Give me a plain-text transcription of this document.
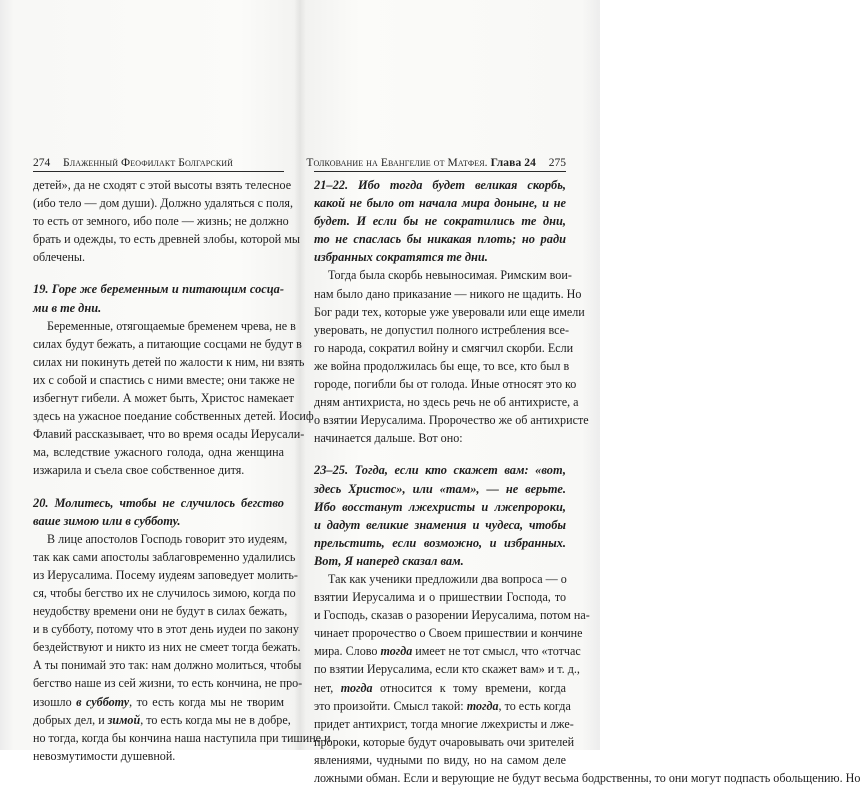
274 Блаженный Феофилакт Болгарский
детей», да не сходят с этой высоты взять телесное
(ибо тело — дом души). Должно удаляться с поля,
то есть от земного, ибо поле — жизнь; не должно
брать и одежды, то есть древней злобы, которой мы
облечены.
19. Горе же беременным и питающим сосца-
ми в те дни.
Беременные, отягощаемые бременем чрева, не в
силах будут бежать, а питающие сосцами не будут в
силах ни покинуть детей по жалости к ним, ни взять
их с собой и спастись с ними вместе; они также не
избегнут гибели. А может быть, Христос намекает
здесь на ужасное поедание собственных детей. Иосиф
Флавий рассказывает, что во время осады Иерусали-
ма, вследствие ужасного голода, одна женщина
изжарила и съела свое собственное дитя.
20. Молитесь, чтобы не случилось бегство
ваше зимою или в субботу.
В лице апостолов Господь говорит это иудеям,
так как сами апостолы заблаговременно удалились
из Иерусалима. Посему иудеям заповедует молить-
ся, чтобы бегство их не случилось зимою, когда по
неудобству времени они не будут в силах бежать,
и в субботу, потому что в этот день иудеи по закону
бездействуют и никто из них не смеет тогда бежать.
А ты понимай это так: нам должно молиться, чтобы
бегство наше из сей жизни, то есть кончина, не про-
изошло в субботу, то есть когда мы не творим
добрых дел, и зимой, то есть когда мы не в добре,
но тогда, когда бы кончина наша наступила при тишине и
невозмутимости душевной.
Толкование на Евангелие от Матфея. Глава 24 275
21–22. Ибо тогда будет великая скорбь,
какой не было от начала мира доныне, и не
будет. И если бы не сократились те дни,
то не спаслась бы никакая плоть; но ради
избранных сократятся те дни.
Тогда была скорбь невыносимая. Римским вои-
нам было дано приказание — никого не щадить. Но
Бог ради тех, которые уже уверовали или еще имели
уверовать, не допустил полного истребления все-
го народа, сократил войну и смягчил скорби. Если
же война продолжилась бы еще, то все, кто был в
городе, погибли бы от голода. Иные относят это ко
дням антихриста, но здесь речь не об антихристе, а
о взятии Иерусалима. Пророчество же об антихристе
начинается дальше. Вот оно:
23–25. Тогда, если кто скажет вам: «вот,
здесь Христос», или «там», — не верьте.
Ибо восстанут лжехристы и лжепророки,
и дадут великие знамения и чудеса, чтобы
прельстить, если возможно, и избранных.
Вот, Я наперед сказал вам.
Так как ученики предложили два вопроса — о
взятии Иерусалима и о пришествии Господа, то
и Господь, сказав о разорении Иерусалима, потом на-
чинает пророчество о Своем пришествии и кончине
мира. Слово тогда имеет не тот смысл, что «тотчас
по взятии Иерусалима, если кто скажет вам» и т. д.,
нет, тогда относится к тому времени, когда
это произойти. Смысл такой: тогда, то есть когда
придет антихрист, тогда многие лжехристы и лже-
пророки, которые будут очаровывать очи зрителей
явлениями, чудными по виду, но на самом деле
ложными обман. Если и верующие не будут весьма бодрственны, то они могут подпасть обольщению. Но
